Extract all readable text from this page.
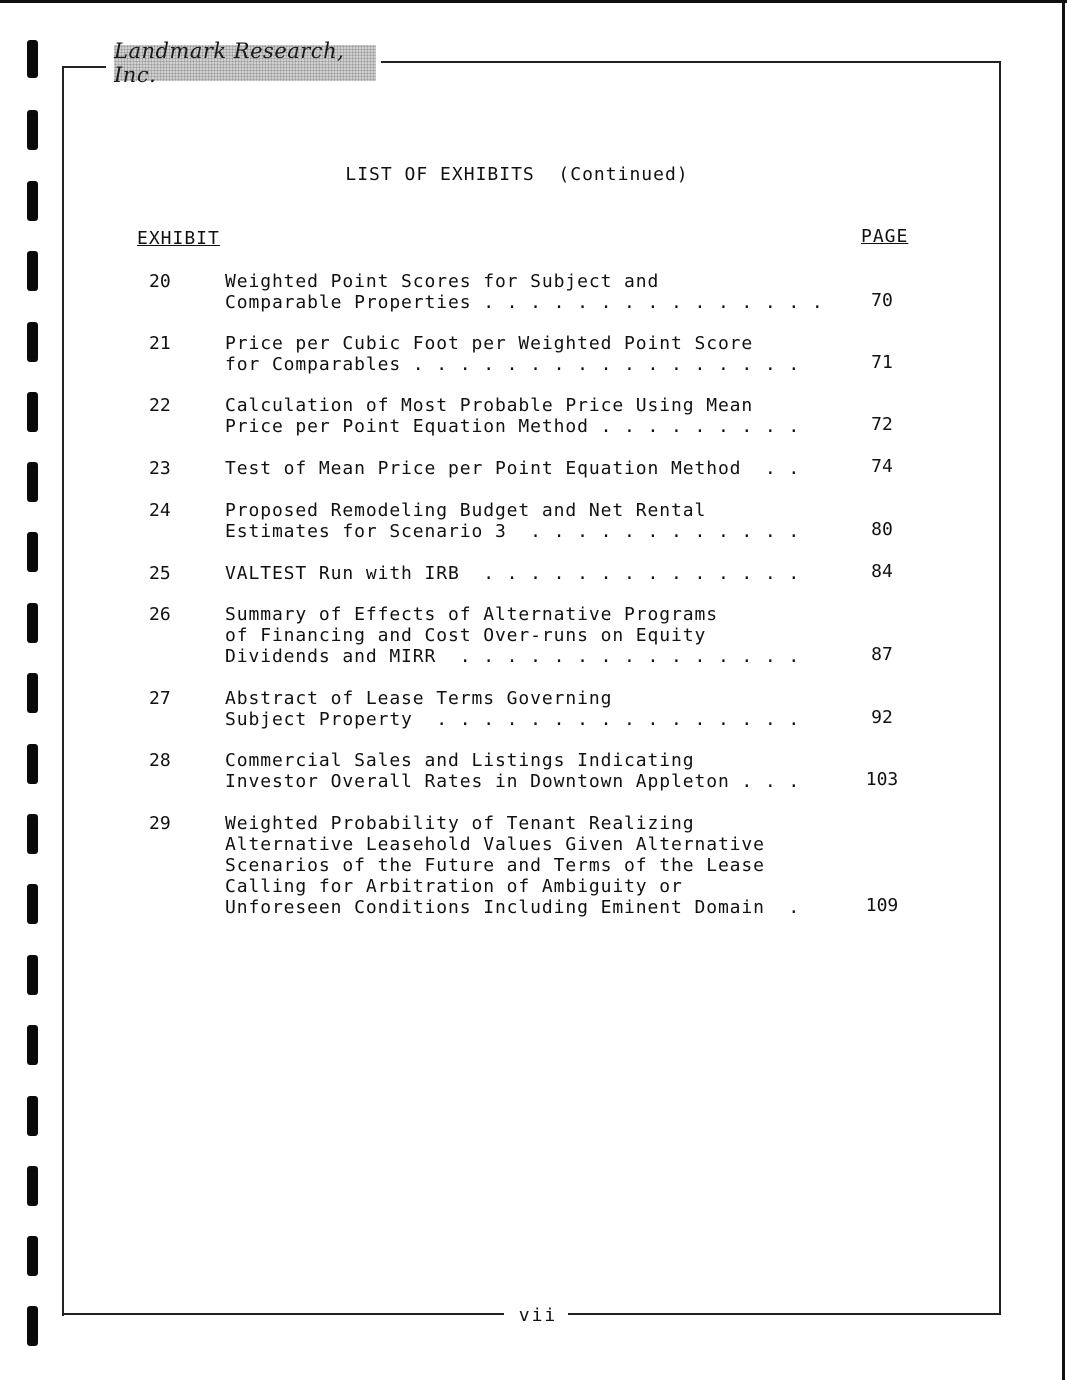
Landmark Research, Inc.
LIST OF EXHIBITS  (Continued)
EXHIBIT	PAGE
20	Weighted Point Scores for Subject and
Comparable Properties . . . . . . . . . . . . . . .	70
21	Price per Cubic Foot per Weighted Point Score
for Comparables . . . . . . . . . . . . . . . . .	71
22	Calculation of Most Probable Price Using Mean
Price per Point Equation Method . . . . . . . . .	72
23	Test of Mean Price per Point Equation Method  . .	74
24	Proposed Remodeling Budget and Net Rental
Estimates for Scenario 3  . . . . . . . . . . . .	80
25	VALTEST Run with IRB  . . . . . . . . . . . . . .	84
26	Summary of Effects of Alternative Programs
of Financing and Cost Over-runs on Equity
Dividends and MIRR  . . . . . . . . . . . . . . .	87
27	Abstract of Lease Terms Governing
Subject Property  . . . . . . . . . . . . . . . .	92
28	Commercial Sales and Listings Indicating
Investor Overall Rates in Downtown Appleton . . .	103
29	Weighted Probability of Tenant Realizing
Alternative Leasehold Values Given Alternative
Scenarios of the Future and Terms of the Lease
Calling for Arbitration of Ambiguity or
Unforeseen Conditions Including Eminent Domain  .	109
vii
